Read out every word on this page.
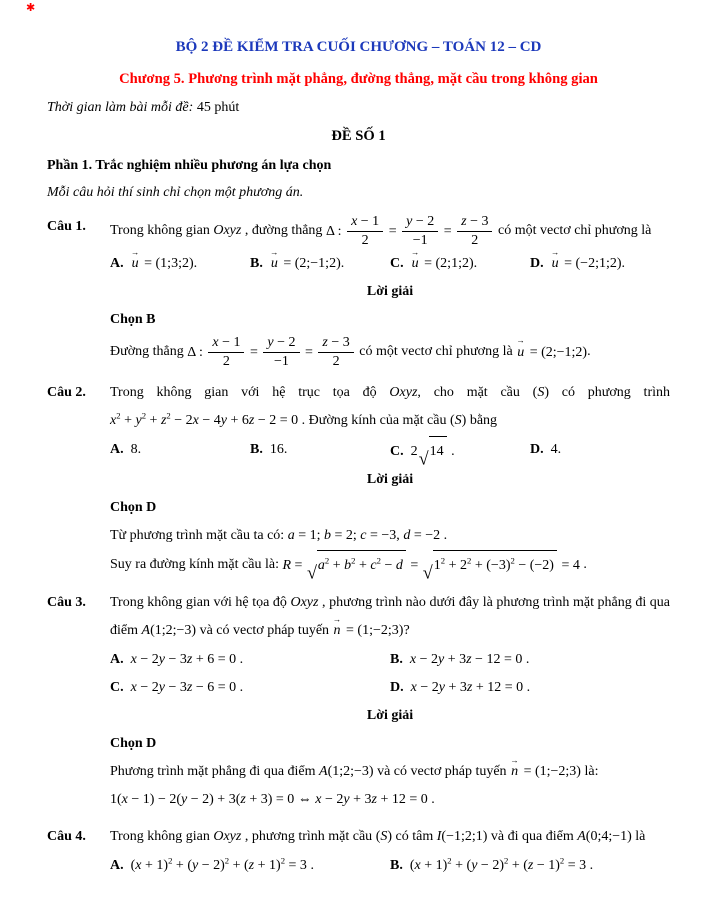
✱
BỘ 2 ĐỀ KIỂM TRA CUỐI CHƯƠNG – TOÁN 12 – CD
Chương 5. Phương trình mặt phẳng, đường thẳng, mặt cầu trong không gian
Thời gian làm bài mỗi đề: 45 phút
ĐỀ SỐ 1
Phần 1. Trắc nghiệm nhiều phương án lựa chọn
Mỗi câu hỏi thí sinh chỉ chọn một phương án.
Câu 1.	Trong không gian Oxyz , đường thẳng Δ : $\frac{x - 1}{2} = \frac{y - 2}{-1} = \frac{z - 3}{2}$ có một vectơ chỉ phương là
A. u → = (1;3;2).	B. u → = (2;−1;2).	C. u → = (2;1;2).	D. u → = (−2;1;2).
Lời giải
Chọn B
Đường thẳng Δ : $\frac{x - 1}{2} = \frac{y - 2}{-1} = \frac{z - 3}{2}$ có một vectơ chỉ phương là u → = (2;−1;2).
Câu 2.	Trong không gian với hệ trục tọa độ Oxyz, cho mặt cầu (S) có phương trình $x^2 + y^2 + z^2 - 2x - 4y + 6z - 2 = 0$ . Đường kính của mặt cầu (S) bằng
A. 8.	B. 16.	C. 2 √ 14 .	D. 4.
Lời giải
Chọn D
Từ phương trình mặt cầu ta có: a = 1; b = 2; c = −3, d = −2 .
Suy ra đường kính mặt cầu là: R = √ $a^2 + b^2 + c^2 - d$ = √ $1^2 + 2^2 + (-3)^2 - (-2) = 4$ .
Câu 3.	Trong không gian với hệ tọa độ Oxyz , phương trình nào dưới đây là phương trình mặt phẳng đi qua điểm A(1;2;−3) và có vectơ pháp tuyến n → = (1;−2;3)?
A. x − 2y − 3z + 6 = 0 .	B. x − 2y + 3z − 12 = 0 .
C. x − 2y − 3z − 6 = 0 .	D. x − 2y + 3z + 12 = 0 .
Lời giải
Chọn D
Phương trình mặt phẳng đi qua điểm A(1;2;−3) và có vectơ pháp tuyến n → = (1;−2;3) là:
1(x − 1) − 2(y − 2) + 3(z + 3) = 0 ⇔ x − 2y + 3z + 12 = 0 .
Câu 4.	Trong không gian Oxyz , phương trình mặt cầu (S) có tâm I(−1;2;1) và đi qua điểm A(0;4;−1) là
A. $(x + 1)^2 + (y - 2)^2 + (z + 1)^2 = 3$ .	B. $(x + 1)^2 + (y - 2)^2 + (z - 1)^2 = 3$ .
